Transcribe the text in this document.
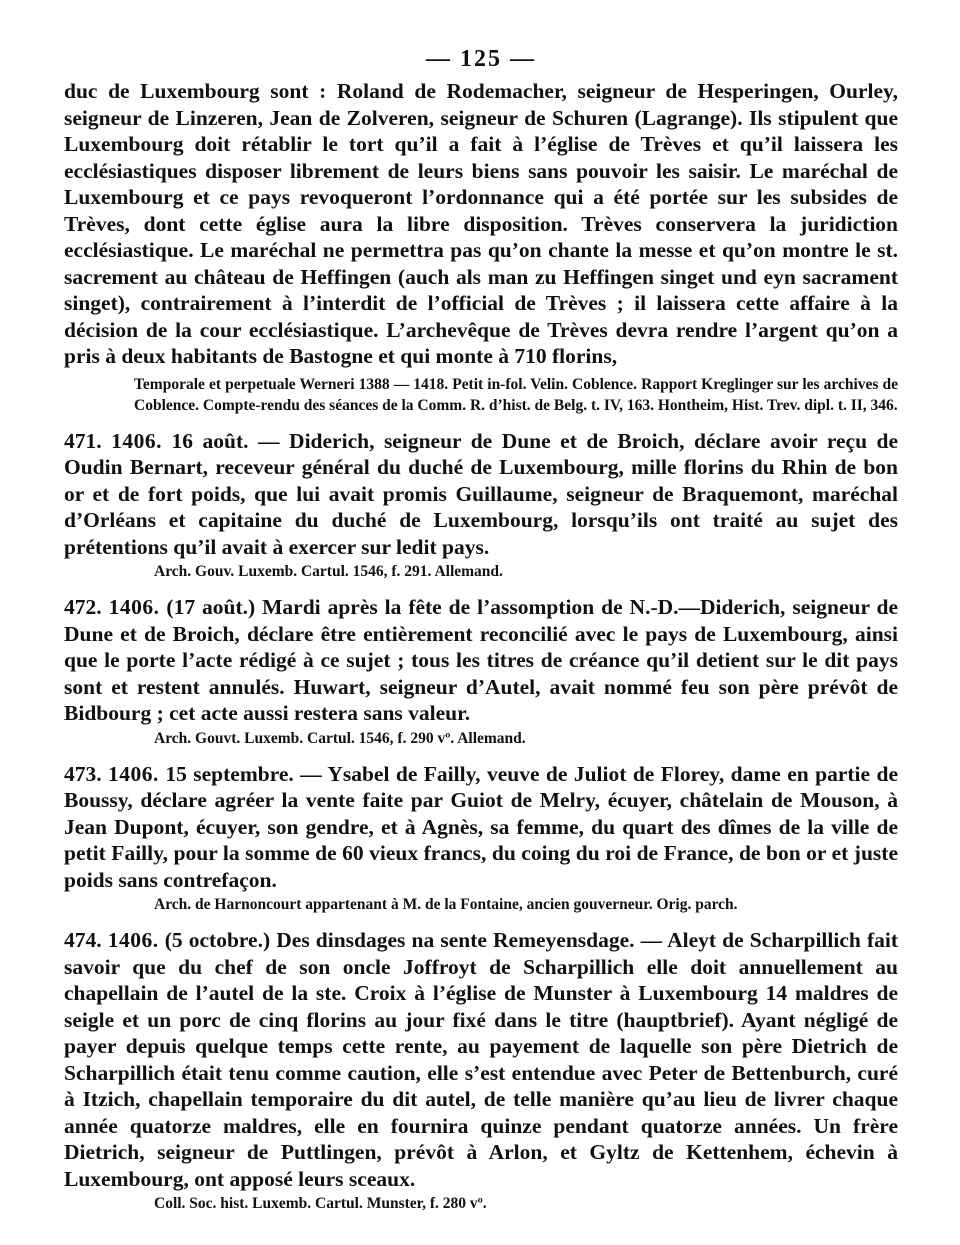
— 125 —

duc de Luxembourg sont : Roland de Rodemacher, seigneur de Hesperingen, Ourley, seigneur de Linzeren, Jean de Zolveren, seigneur de Schuren (Lagrange). Ils stipulent que Luxembourg doit rétablir le tort qu’il a fait à l’église de Trèves et qu’il laissera les ecclésiastiques disposer librement de leurs biens sans pouvoir les saisir. Le maréchal de Luxembourg et ce pays revoqueront l’ordonnance qui a été portée sur les subsides de Trèves, dont cette église aura la libre disposition. Trèves conservera la juridiction ecclésiastique. Le maréchal ne permettra pas qu’on chante la messe et qu’on montre le st. sacrement au château de Heffingen (auch als man zu Heffingen singet und eyn sacrament singet), contrairement à l’interdit de l’official de Trèves ; il laissera cette affaire à la décision de la cour ecclésiastique. L’archevêque de Trèves devra rendre l’argent qu’on a pris à deux habitants de Bastogne et qui monte à 710 florins,

Temporale et perpetuale Werneri 1388 — 1418. Petit in-fol. Velin. Coblence. Rapport Kreglinger sur les archives de Coblence. Compte-rendu des séances de la Comm. R. d’hist. de Belg. t. IV, 163. Hontheim, Hist. Trev. dipl. t. II, 346.

471. 1406. 16 août. — Diderich, seigneur de Dune et de Broich, déclare avoir reçu de Oudin Bernart, receveur général du duché de Luxembourg, mille florins du Rhin de bon or et de fort poids, que lui avait promis Guillaume, seigneur de Braquemont, maréchal d’Orléans et capitaine du duché de Luxembourg, lorsqu’ils ont traité au sujet des prétentions qu’il avait à exercer sur ledit pays.

Arch. Gouv. Luxemb. Cartul. 1546, f. 291. Allemand.

472. 1406. (17 août.) Mardi après la fête de l’assomption de N.-D.—Diderich, seigneur de Dune et de Broich, déclare être entièrement reconcilié avec le pays de Luxembourg, ainsi que le porte l’acte rédigé à ce sujet ; tous les titres de créance qu’il detient sur le dit pays sont et restent annulés. Huwart, seigneur d’Autel, avait nommé feu son père prévôt de Bidbourg ; cet acte aussi restera sans valeur.

Arch. Gouvt. Luxemb. Cartul. 1546, f. 290 vº. Allemand.

473. 1406. 15 septembre. — Ysabel de Failly, veuve de Juliot de Florey, dame en partie de Boussy, déclare agréer la vente faite par Guiot de Melry, écuyer, châtelain de Mouson, à Jean Dupont, écuyer, son gendre, et à Agnès, sa femme, du quart des dîmes de la ville de petit Failly, pour la somme de 60 vieux francs, du coing du roi de France, de bon or et juste poids sans contrefaçon.

Arch. de Harnoncourt appartenant à M. de la Fontaine, ancien gouverneur. Orig. parch.

474. 1406. (5 octobre.) Des dinsdages na sente Remeyensdage. — Aleyt de Scharpillich fait savoir que du chef de son oncle Joffroyt de Scharpillich elle doit annuellement au chapellain de l’autel de la ste. Croix à l’église de Munster à Luxembourg 14 maldres de seigle et un porc de cinq florins au jour fixé dans le titre (hauptbrief). Ayant négligé de payer depuis quelque temps cette rente, au payement de laquelle son père Dietrich de Scharpillich était tenu comme caution, elle s’est entendue avec Peter de Bettenburch, curé à Itzich, chapellain temporaire du dit autel, de telle manière qu’au lieu de livrer chaque année quatorze maldres, elle en fournira quinze pendant quatorze années. Un frère Dietrich, seigneur de Puttlingen, prévôt à Arlon, et Gyltz de Kettenhem, échevin à Luxembourg, ont apposé leurs sceaux.

Coll. Soc. hist. Luxemb. Cartul. Munster, f. 280 vº.
